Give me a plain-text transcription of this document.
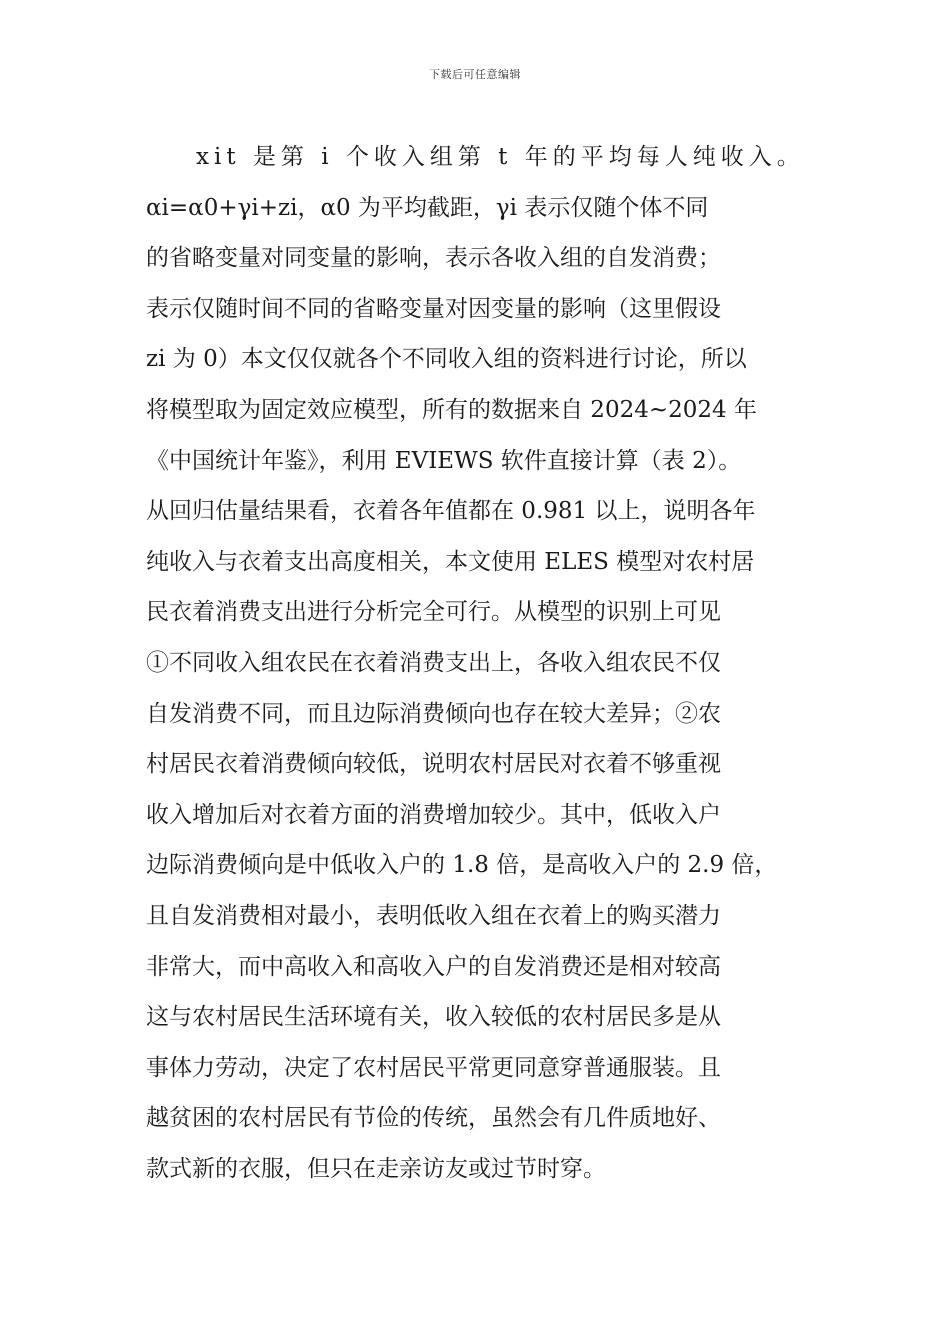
下载后可任意编辑
xit 是第 i 个收入组第 t 年的平均每人纯收入。
αi=α0+γi+zi，α0 为平均截距，γi 表示仅随个体不同
的省略变量对同变量的影响，表示各收入组的自发消费；
表示仅随时间不同的省略变量对因变量的影响（这里假设
zi 为 0）本文仅仅就各个不同收入组的资料进行讨论，所以
将模型取为固定效应模型，所有的数据来自 2024~2024 年
《中国统计年鉴》，利用 EVIEWS 软件直接计算（表 2）。
从回归估量结果看，衣着各年值都在 0.981 以上，说明各年
纯收入与衣着支出高度相关，本文使用 ELES 模型对农村居
民衣着消费支出进行分析完全可行。从模型的识别上可见
①不同收入组农民在衣着消费支出上，各收入组农民不仅
自发消费不同，而且边际消费倾向也存在较大差异；②农
村居民衣着消费倾向较低，说明农村居民对衣着不够重视
收入增加后对衣着方面的消费增加较少。其中，低收入户
边际消费倾向是中低收入户的 1.8 倍，是高收入户的 2.9 倍，
且自发消费相对最小，表明低收入组在衣着上的购买潜力
非常大，而中高收入和高收入户的自发消费还是相对较高
这与农村居民生活环境有关，收入较低的农村居民多是从
事体力劳动，决定了农村居民平常更同意穿普通服装。且
越贫困的农村居民有节俭的传统，虽然会有几件质地好、
款式新的衣服，但只在走亲访友或过节时穿。
